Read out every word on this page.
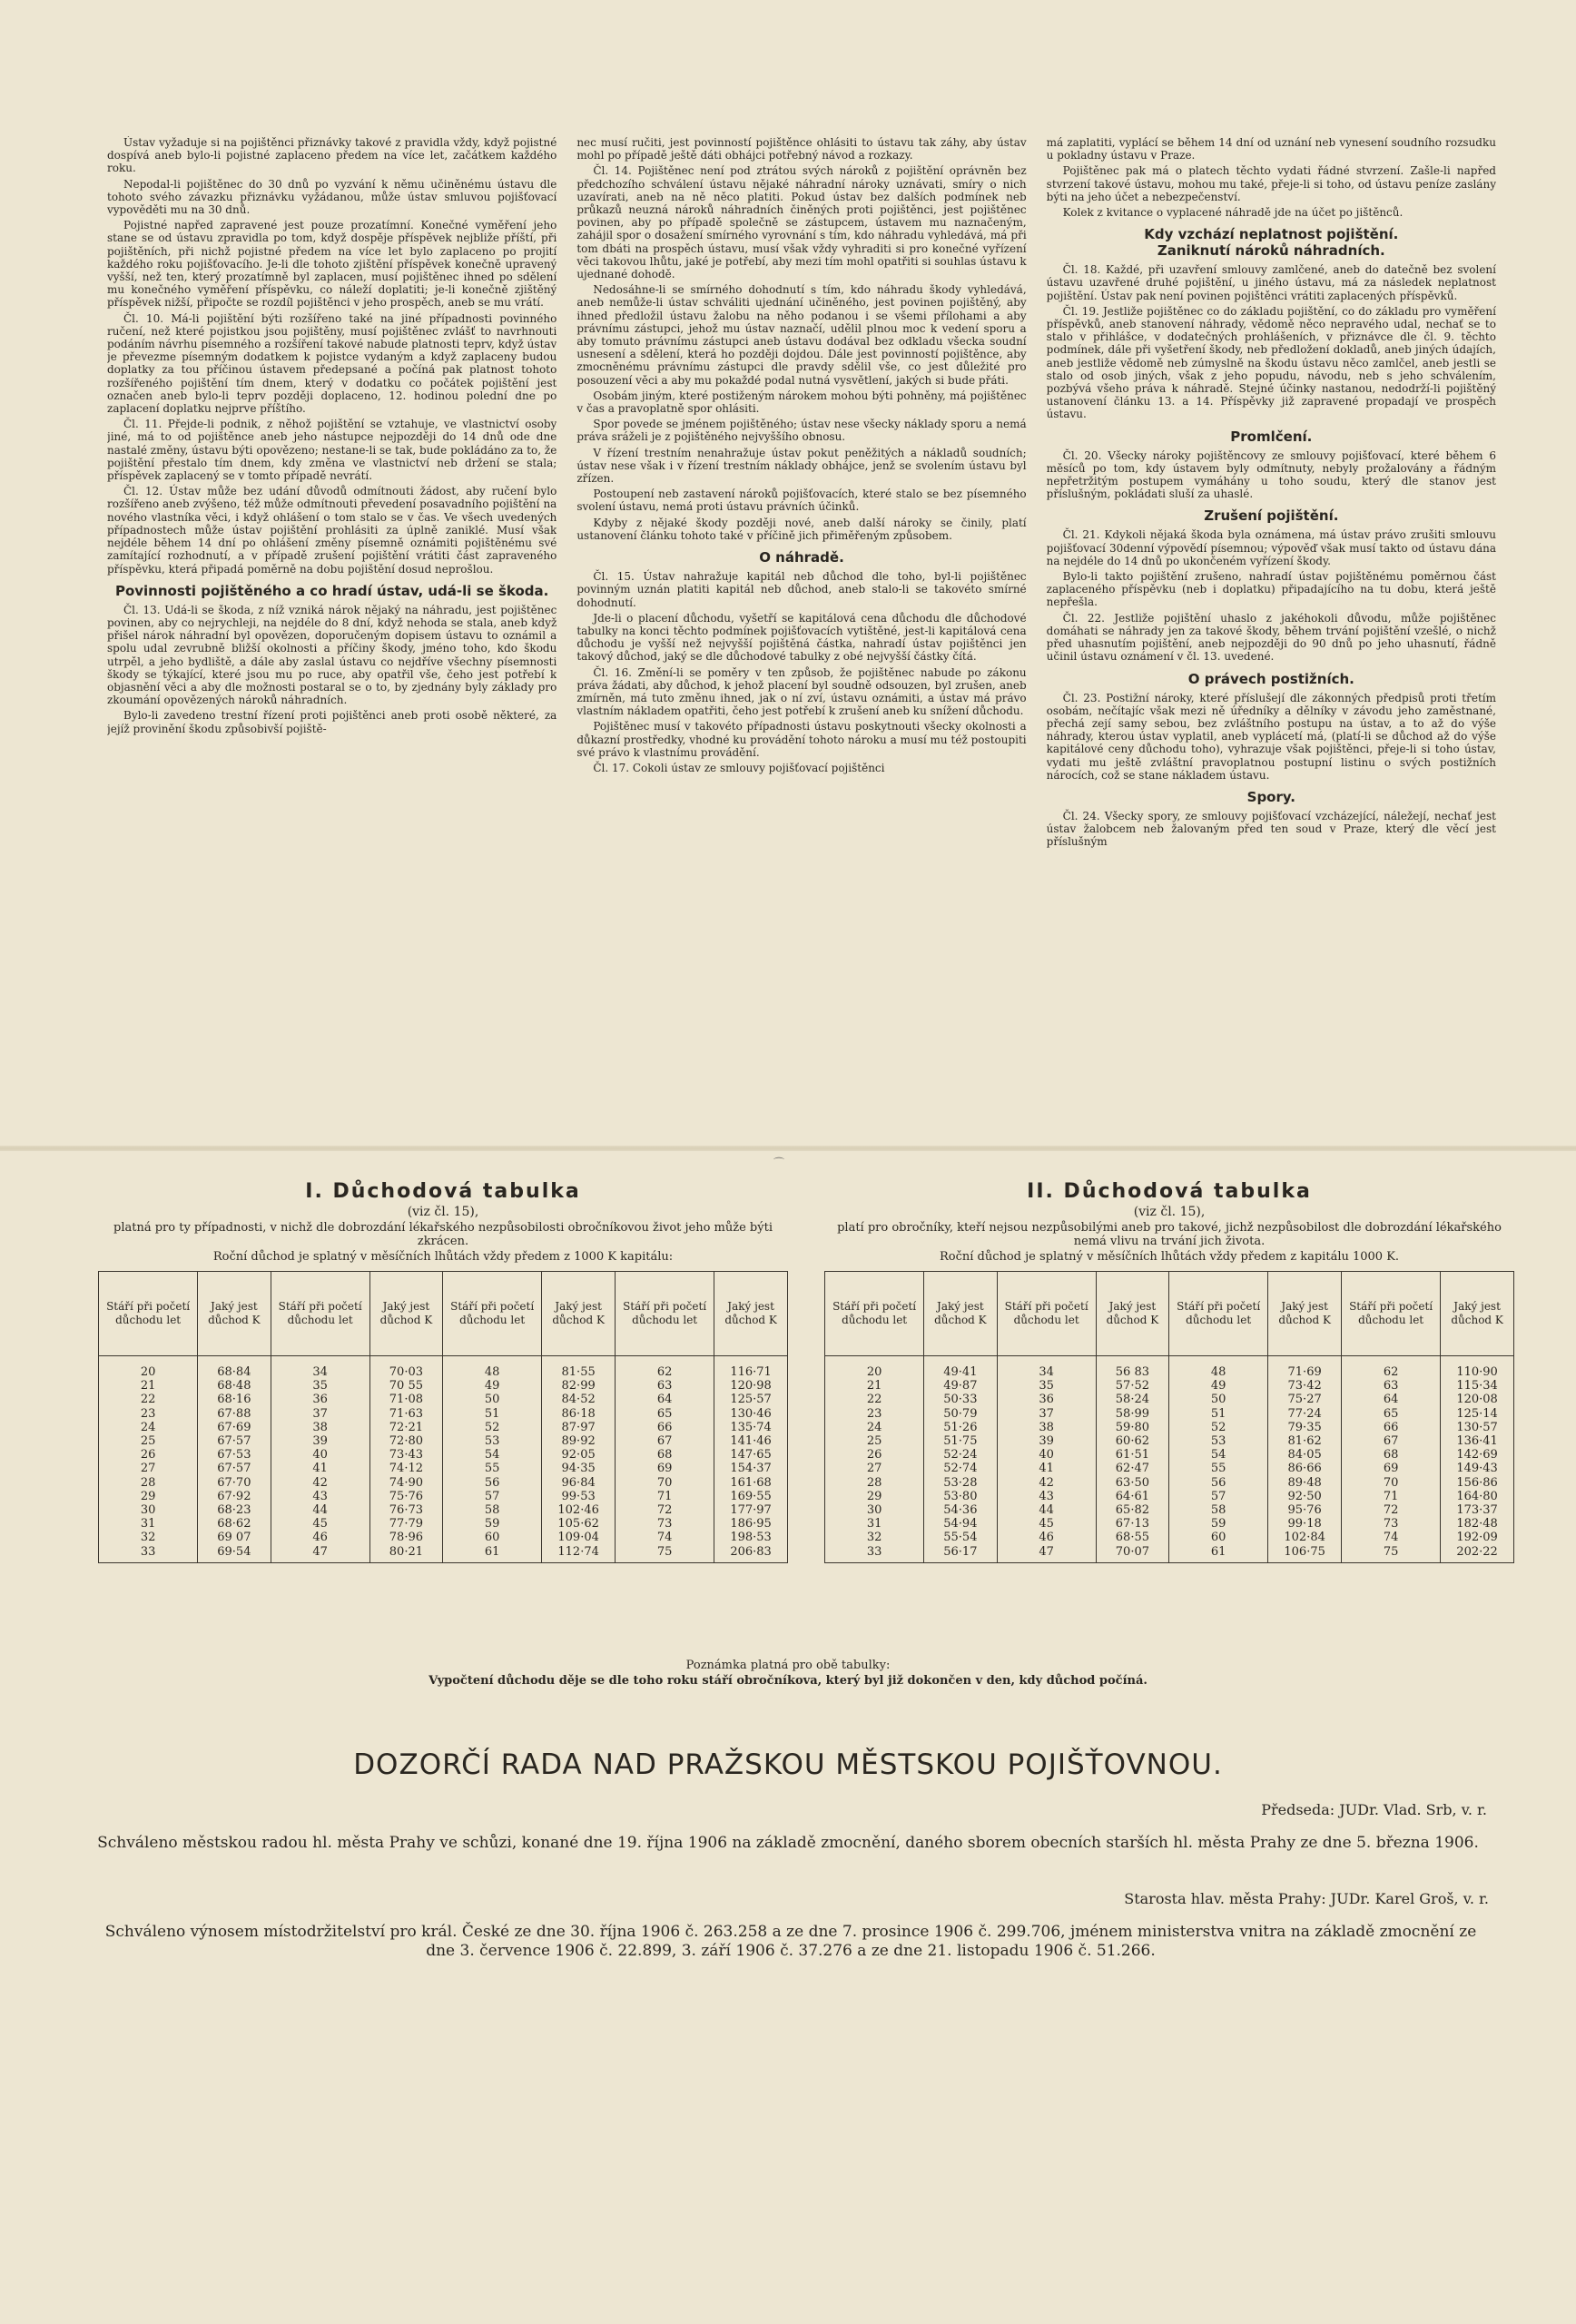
Ústav vyžaduje si na pojištěnci přiznávky takové z pravidla vždy, když pojistné dospívá aneb bylo-li pojistné zaplaceno předem na více let, začátkem každého roku.

Nepodal-li pojištěnec do 30 dnů po vyzvání k němu učiněnému ústavu dle tohoto svého závazku přiznávku vyžádanou, může ústav smluvou pojišťovací vypověděti mu na 30 dnů.

Pojistné napřed zapravené jest pouze prozatímní. Konečné vyměření jeho stane se od ústavu zpravidla po tom, když dospěje příspěvek nejbliže příští, při pojištěních, při nichž pojistné předem na více let bylo zaplaceno po projití každého roku pojišťovacího. Je-li dle tohoto zjištění příspěvek konečně upravený vyšší, než ten, který prozatímně byl zaplacen, musí pojištěnec ihned po sdělení mu konečného vyměření příspěvku, co náleží doplatiti; je-li konečně zjištěný příspěvek nižší, připočte se rozdíl pojištěnci v jeho prospěch, aneb se mu vrátí.

Čl. 10. Má-li pojištění býti rozšířeno také na jiné případnosti povinného ručení, než které pojistkou jsou pojištěny, musí pojištěnec zvlášť to navrhnouti podáním návrhu písemného a rozšíření takové nabude platnosti teprv, když ústav je převezme písemným dodatkem k pojistce vydaným a když zaplaceny budou doplatky za tou příčinou ústavem předepsané a počíná pak platnost tohoto rozšířeného pojištění tím dnem, který v dodatku co počátek pojištění jest označen aneb bylo-li teprv později doplaceno, 12. hodinou polední dne po zaplacení doplatku nejprve příštího.

Čl. 11. Přejde-li podnik, z něhož pojištění se vztahuje, ve vlastnictví osoby jiné, má to od pojištěnce aneb jeho nástupce nejpozději do 14 dnů ode dne nastalé změny, ústavu býti opovězeno; nestane-li se tak, bude pokládáno za to, že pojištění přestalo tím dnem, kdy změna ve vlastnictví neb držení se stala; příspěvek zaplacený se v tomto případě nevrátí.

Čl. 12. Ústav může bez udání důvodů odmítnouti žádost, aby ručení bylo rozšířeno aneb zvýšeno, též může odmítnouti převedení posavadního pojištění na nového vlastníka věci, i když ohlášení o tom stalo se v čas. Ve všech uvedených případnostech může ústav pojištění prohlásiti za úplně zaniklé. Musí však nejdéle během 14 dní po ohlášení změny písemně oznámiti pojištěnému své zamítající rozhodnutí, a v případě zrušení pojištění vrátiti část zapraveného příspěvku, která připadá poměrně na dobu pojištění dosud neprošlou.

Povinnosti pojištěného a co hradí ústav, udá-li se škoda.

Čl. 13. Udá-li se škoda, z níž vzniká nárok nějaký na náhradu, jest pojištěnec povinen, aby co nejrychleji, na nejdéle do 8 dní, když nehoda se stala, aneb když přišel nárok náhradní byl opovězen, doporučeným dopisem ústavu to oznámil a spolu udal zevrubně bližší okolnosti a příčiny škody, jméno toho, kdo škodu utrpěl, a jeho bydliště, a dále aby zaslal ústavu co nejdříve všechny písemnosti škody se týkající, které jsou mu po ruce, aby opatřil vše, čeho jest potřebí k objasnění věci a aby dle možnosti postaral se o to, by zjednány byly základy pro zkoumání opovězených nároků náhradních.

Bylo-li zavedeno trestní řízení proti pojištěnci aneb proti osobě některé, za jejíž provinění škodu způsobivší pojiště-

nec musí ručiti, jest povinností pojištěnce ohlásiti to ústavu tak záhy, aby ústav mohl po případě ještě dáti obhájci potřebný návod a rozkazy.

Čl. 14. Pojištěnec není pod ztrátou svých nároků z pojištění oprávněn bez předchozího schválení ústavu nějaké náhradní nároky uznávati, smíry o nich uzavírati, aneb na ně něco platiti. Pokud ústav bez dalších podmínek neb průkazů neuzná nároků náhradních činěných proti pojištěnci, jest pojištěnec povinen, aby po případě společně se zástupcem, ústavem mu naznačeným, zahájil spor o dosažení smírného vyrovnání s tím, kdo náhradu vyhledává, má při tom dbáti na prospěch ústavu, musí však vždy vyhraditi si pro konečné vyřízení věci takovou lhůtu, jaké je potřebí, aby mezi tím mohl opatřiti si souhlas ústavu k ujednané dohodě.

Nedosáhne-li se smírného dohodnutí s tím, kdo náhradu škody vyhledává, aneb nemůže-li ústav schváliti ujednání učiněného, jest povinen pojištěný, aby ihned předložil ústavu žalobu na něho podanou i se všemi přílohami a aby právnímu zástupci, jehož mu ústav naznačí, udělil plnou moc k vedení sporu a aby tomuto právnímu zástupci aneb ústavu dodával bez odkladu všecka soudní usnesení a sdělení, která ho později dojdou. Dále jest povinností pojištěnce, aby zmocněnému právnímu zástupci dle pravdy sdělil vše, co jest důležité pro posouzení věci a aby mu pokaždé podal nutná vysvětlení, jakých si bude přáti.

Osobám jiným, které postiženým nárokem mohou býti pohněny, má pojištěnec v čas a pravoplatně spor ohlásiti.

Spor povede se jménem pojištěného; ústav nese všecky náklady sporu a nemá práva sráželi je z pojištěného nejvyššího obnosu.

V řízení trestním nenahražuje ústav pokut peněžitých a nákladů soudních; ústav nese však i v řízení trestním náklady obhájce, jenž se svolením ústavu byl zřízen.

Postoupení neb zastavení nároků pojišťovacích, které stalo se bez písemného svolení ústavu, nemá proti ústavu právních účinků.

Kdyby z nějaké škody později nové, aneb další nároky se činily, platí ustanovení článku tohoto také v příčině jich přiměřeným způsobem.

O náhradě.

Čl. 15. Ústav nahražuje kapitál neb důchod dle toho, byl-li pojištěnec povinným uznán platiti kapitál neb důchod, aneb stalo-li se takovéto smírné dohodnutí.

Jde-li o placení důchodu, vyšetří se kapitálová cena důchodu dle důchodové tabulky na konci těchto podmínek pojišťovacích vytištěné, jest-li kapitálová cena důchodu je vyšší než nejvyšší pojištěná částka, nahradí ústav pojištěnci jen takový důchod, jaký se dle důchodové tabulky z obé nejvyšší částky čítá.

Čl. 16. Změní-li se poměry v ten způsob, že pojištěnec nabude po zákonu práva žádati, aby důchod, k jehož placení byl soudně odsouzen, byl zrušen, aneb zmírněn, má tuto změnu ihned, jak o ní zví, ústavu oznámiti, a ústav má právo vlastním nákladem opatřiti, čeho jest potřebí k zrušení aneb ku snížení důchodu.

Pojištěnec musí v takovéto případnosti ústavu poskytnouti všecky okolnosti a důkazní prostředky, vhodné ku provádění tohoto nároku a musí mu též postoupiti své právo k vlastnímu provádění.

Čl. 17. Cokoli ústav ze smlouvy pojišťovací pojištěnci

má zaplatiti, vyplácí se během 14 dní od uznání neb vynesení soudního rozsudku u pokladny ústavu v Praze.

Pojištěnec pak má o platech těchto vydati řádné stvrzení. Zašle-li napřed stvrzení takové ústavu, mohou mu také, přeje-li si toho, od ústavu peníze zaslány býti na jeho účet a nebezpečenství.

Kolek z kvitance o vyplacené náhradě jde na účet po jištěnců.

Kdy vzchází neplatnost pojištění.
Zaniknutí nároků náhradních.

Čl. 18. Každé, při uzavření smlouvy zamlčené, aneb do datečně bez svolení ústavu uzavřené druhé pojištění, u jiného ústavu, má za následek neplatnost pojištění. Ústav pak není povinen pojištěnci vrátiti zaplacených příspěvků.

Čl. 19. Jestliže pojištěnec co do základu pojištění, co do základu pro vyměření příspěvků, aneb stanovení náhrady, vědomě něco nepravého udal, nechať se to stalo v přihlášce, v dodatečných prohlášeních, v přiznávce dle čl. 9. těchto podmínek, dále při vyšetření škody, neb předložení dokladů, aneb jiných údajích, aneb jestliže vědomě neb zúmyslně na škodu ústavu něco zamlčel, aneb jestli se stalo od osob jiných, však z jeho popudu, návodu, neb s jeho schválením, pozbývá všeho práva k náhradě. Stejné účinky nastanou, nedodrží-li pojištěný ustanovení článku 13. a 14. Příspěvky již zapravené propadají ve prospěch ústavu.

Promlčení.

Čl. 20. Všecky nároky pojištěncovy ze smlouvy pojišťovací, které během 6 měsíců po tom, kdy ústavem byly odmítnuty, nebyly prožalovány a řádným nepřetržitým postupem vymáhány u toho soudu, který dle stanov jest příslušným, pokládati sluší za uhaslé.

Zrušení pojištění.

Čl. 21. Kdykoli nějaká škoda byla oznámena, má ústav právo zrušiti smlouvu pojišťovací 30denní výpovědí písemnou; výpověď však musí takto od ústavu dána na nejdéle do 14 dnů po ukončeném vyřízení škody.

Bylo-li takto pojištění zrušeno, nahradí ústav pojištěnému poměrnou část zaplaceného příspěvku (neb i doplatku) připadajícího na tu dobu, která ještě nepřešla.

Čl. 22. Jestliže pojištění uhaslo z jakéhokoli důvodu, může pojištěnec domáhati se náhrady jen za takové škody, během trvání pojištění vzešlé, o nichž před uhasnutím pojištění, aneb nejpozději do 90 dnů po jeho uhasnutí, řádně učinil ústavu oznámení v čl. 13. uvedené.

O právech postižních.

Čl. 23. Postižní nároky, které příslušejí dle zákonných předpisů proti třetím osobám, nečítajíc však mezi ně úředníky a dělníky v závodu jeho zaměstnané, přechá zejí samy sebou, bez zvláštního postupu na ústav, a to až do výše náhrady, kterou ústav vyplatil, aneb vyplácetí má, (platí-li se důchod až do výše kapitálové ceny důchodu toho), vyhrazuje však pojištěnci, přeje-li si toho ústav, vydati mu ještě zvláštní pravoplatnou postupní listinu o svých postižních nárocích, což se stane nákladem ústavu.

Spory.

Čl. 24. Všecky spory, ze smlouvy pojišťovací vzcházející, náležejí, nechať jest ústav žalobcem neb žalovaným před ten soud v Praze, který dle věcí jest příslušným

⌒
I. Důchodová tabulka
(viz čl. 15),

platná pro ty případnosti, v nichž dle dobrozdání lékařského nezpůsobilosti obročníkovou život jeho může býti zkrácen.

Roční důchod je splatný v měsíčních lhůtách vždy předem z 1000 K kapitálu:
Stáří při početí důchodu let	Jaký jest důchod K	Stáří při početí důchodu let	Jaký jest důchod K	Stáří při početí důchodu let	Jaký jest důchod K	Stáří při početí důchodu let	Jaký jest důchod K
20	68·84	34	70·03	48	81·55	62	116·71
21	68·48	35	70 55	49	82·99	63	120·98
22	68·16	36	71·08	50	84·52	64	125·57
23	67·88	37	71·63	51	86·18	65	130·46
24	67·69	38	72·21	52	87·97	66	135·74
25	67·57	39	72·80	53	89·92	67	141·46
26	67·53	40	73·43	54	92·05	68	147·65
27	67·57	41	74·12	55	94·35	69	154·37
28	67·70	42	74·90	56	96·84	70	161·68
29	67·92	43	75·76	57	99·53	71	169·55
30	68·23	44	76·73	58	102·46	72	177·97
31	68·62	45	77·79	59	105·62	73	186·95
32	69 07	46	78·96	60	109·04	74	198·53
33	69·54	47	80·21	61	112·74	75	206·83
II. Důchodová tabulka
(viz čl. 15),

platí pro obročníky, kteří nejsou nezpůsobilými aneb pro takové, jichž nezpůsobilost dle dobrozdání lékařského nemá vlivu na trvání jich života.

Roční důchod je splatný v měsíčních lhůtách vždy předem z kapitálu 1000 K.
Stáří při početí důchodu let	Jaký jest důchod K	Stáří při početí důchodu let	Jaký jest důchod K	Stáří při početí důchodu let	Jaký jest důchod K	Stáří při početí důchodu let	Jaký jest důchod K
20	49·41	34	56 83	48	71·69	62	110·90
21	49·87	35	57·52	49	73·42	63	115·34
22	50·33	36	58·24	50	75·27	64	120·08
23	50·79	37	58·99	51	77·24	65	125·14
24	51·26	38	59·80	52	79·35	66	130·57
25	51·75	39	60·62	53	81·62	67	136·41
26	52·24	40	61·51	54	84·05	68	142·69
27	52·74	41	62·47	55	86·66	69	149·43
28	53·28	42	63·50	56	89·48	70	156·86
29	53·80	43	64·61	57	92·50	71	164·80
30	54·36	44	65·82	58	95·76	72	173·37
31	54·94	45	67·13	59	99·18	73	182·48
32	55·54	46	68·55	60	102·84	74	192·09
33	56·17	47	70·07	61	106·75	75	202·22
Poznámka platná pro obě tabulky:
Vypočtení důchodu děje se dle toho roku stáří obročníkova, který byl již dokončen v den, kdy důchod počíná.
DOZORČÍ RADA NAD PRAŽSKOU MĚSTSKOU POJIŠŤOVNOU.
Předseda: JUDr. Vlad. Srb, v. r.
Schváleno městskou radou hl. města Prahy ve schůzi, konané dne 19. října 1906 na základě zmocnění, daného sborem obecních starších hl. města Prahy ze dne 5. března 1906.
Starosta hlav. města Prahy: JUDr. Karel Groš, v. r.
Schváleno výnosem místodržitelství pro král. České ze dne 30. října 1906 č. 263.258 a ze dne 7. prosince 1906 č. 299.706, jménem ministerstva vnitra na základě zmocnění ze dne 3. července 1906 č. 22.899, 3. září 1906 č. 37.276 a ze dne 21. listopadu 1906 č. 51.266.
